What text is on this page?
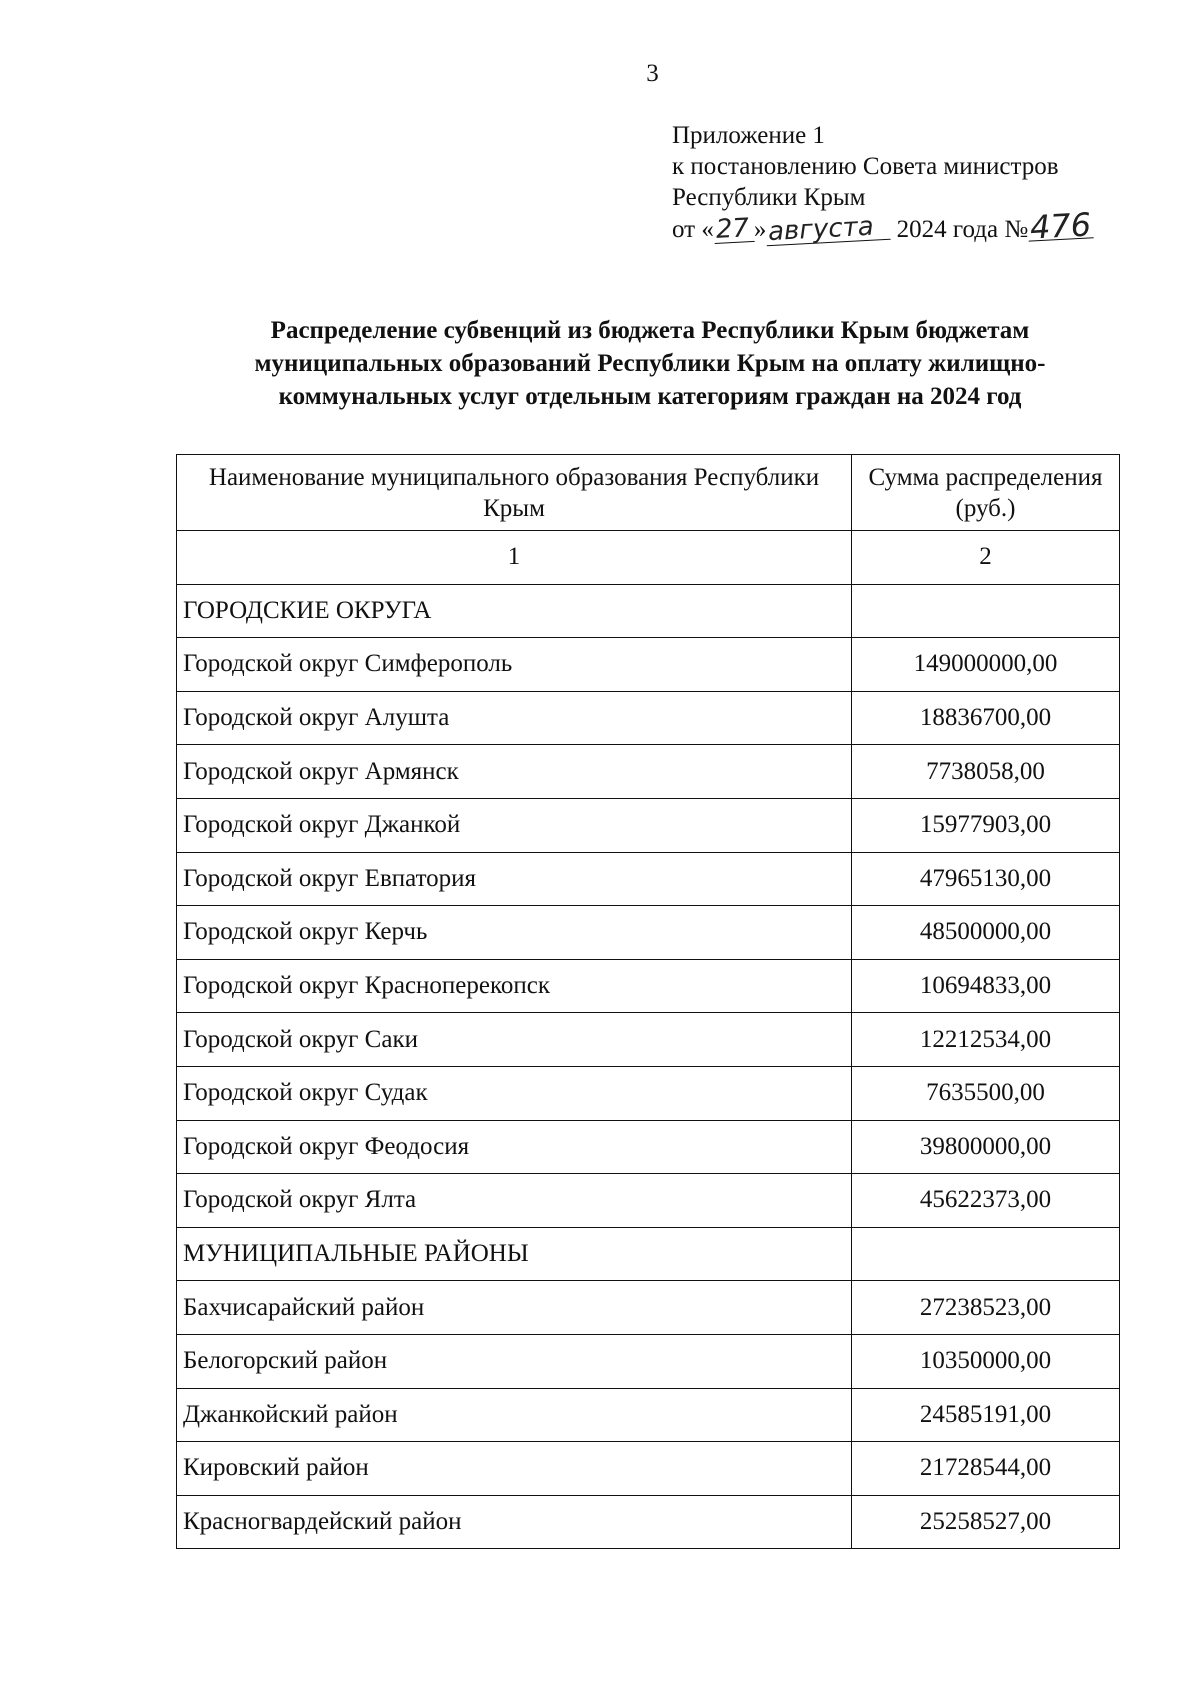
3
Приложение 1
к постановлению Совета министров
Республики Крым
от «27 »августа 2024 года №476
Распределение субвенций из бюджета Республики Крым бюджетам
муниципальных образований Республики Крым на оплату жилищно-
коммунальных услуг отдельным категориям граждан на 2024 год
Наименование муниципального образования Республики Крым	Сумма распределения (руб.)
1	2
ГОРОДСКИЕ ОКРУГА	
Городской округ Симферополь	149000000,00
Городской округ Алушта	18836700,00
Городской округ Армянск	7738058,00
Городской округ Джанкой	15977903,00
Городской округ Евпатория	47965130,00
Городской округ Керчь	48500000,00
Городской округ Красноперекопск	10694833,00
Городской округ Саки	12212534,00
Городской округ Судак	7635500,00
Городской округ Феодосия	39800000,00
Городской округ Ялта	45622373,00
МУНИЦИПАЛЬНЫЕ РАЙОНЫ	
Бахчисарайский район	27238523,00
Белогорский район	10350000,00
Джанкойский район	24585191,00
Кировский район	21728544,00
Красногвардейский район	25258527,00
